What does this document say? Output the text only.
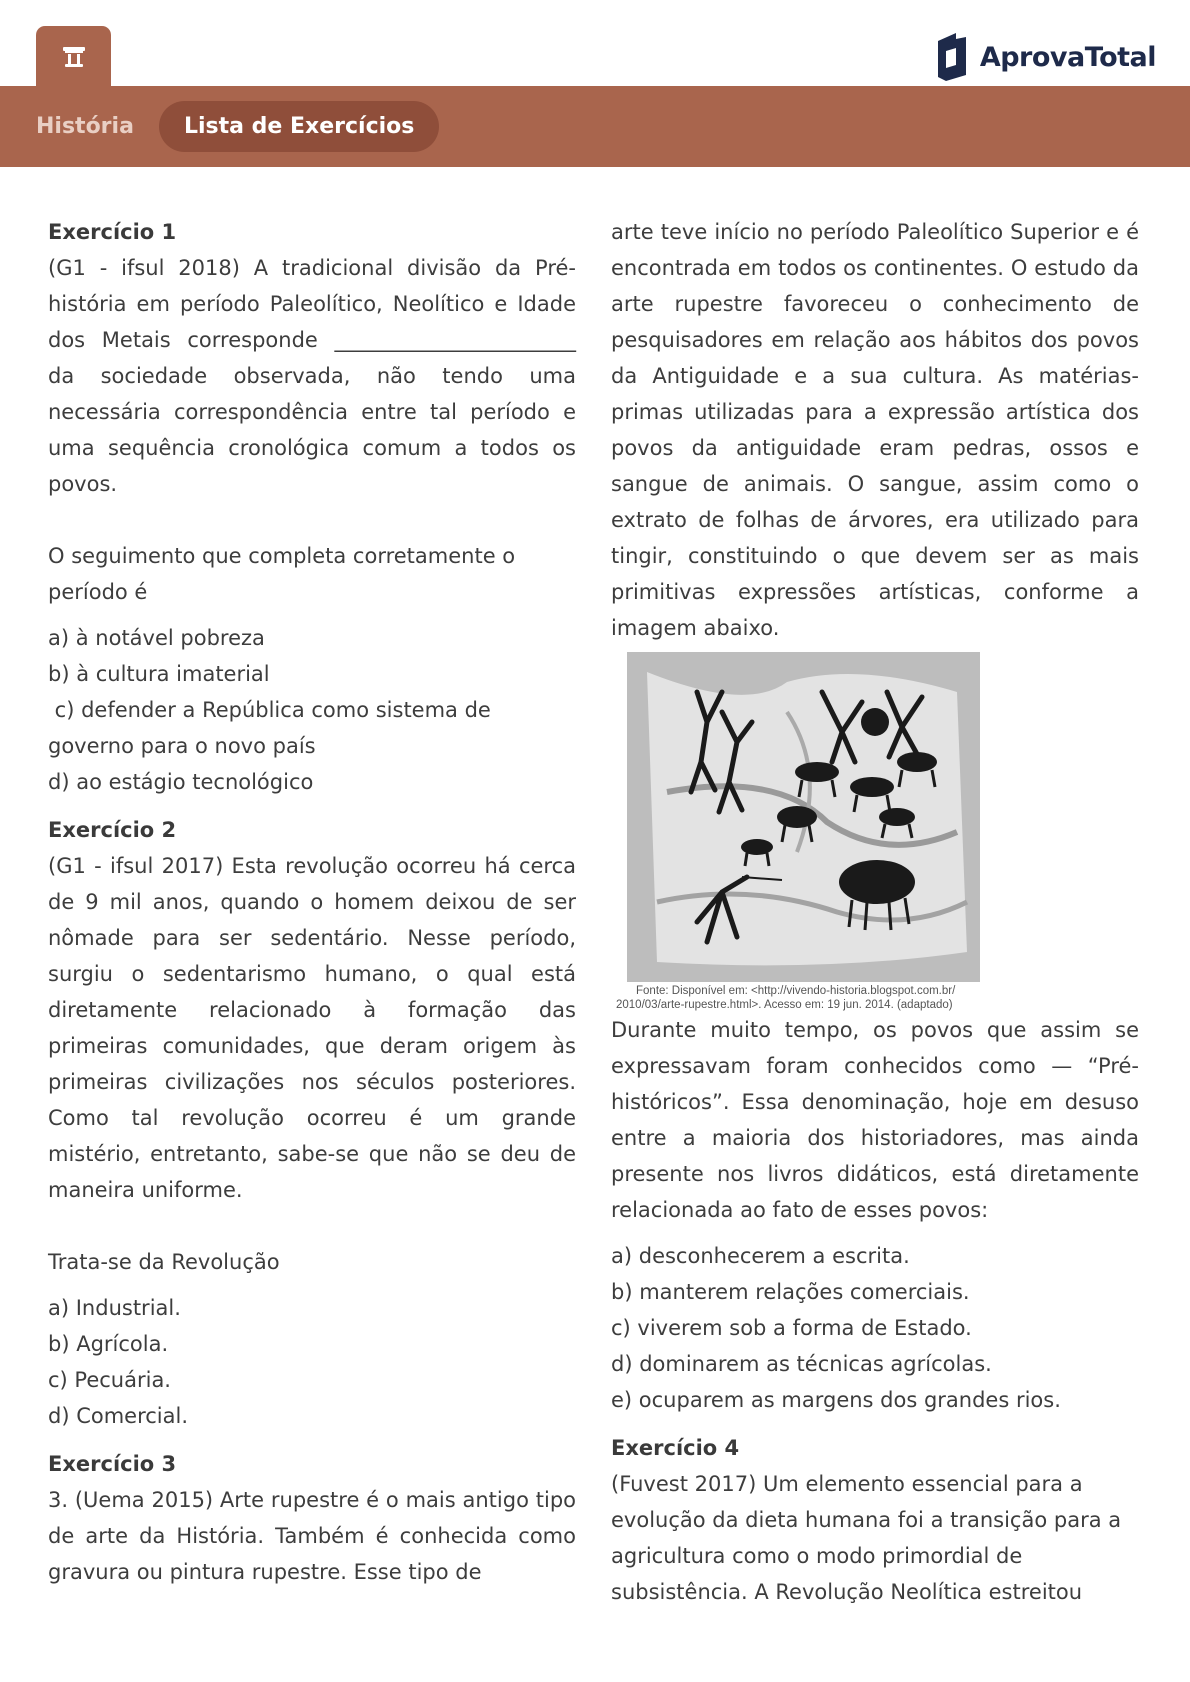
AprovaTotal
História	Lista de Exercícios
Exercício 1
(G1 - ifsul 2018) A tradicional divisão da Pré-história em período Paleolítico, Neolítico e Idade dos Metais corresponde _______________________ da sociedade observada, não tendo uma necessária correspondência entre tal período e uma sequência cronológica comum a todos os povos.
O seguimento que completa corretamente o período é
a) à notável pobreza
b) à cultura imaterial
c) defender a República como sistema de
governo para o novo país
d) ao estágio tecnológico
Exercício 2
(G1 - ifsul 2017) Esta revolução ocorreu há cerca de 9 mil anos, quando o homem deixou de ser nômade para ser sedentário. Nesse período, surgiu o sedentarismo humano, o qual está diretamente relacionado à formação das primeiras comunidades, que deram origem às primeiras civilizações nos séculos posteriores. Como tal revolução ocorreu é um grande mistério, entretanto, sabe-se que não se deu de maneira uniforme.
Trata-se da Revolução
a) Industrial.
b) Agrícola.
c) Pecuária.
d) Comercial.
Exercício 3
3. (Uema 2015) Arte rupestre é o mais antigo tipo de arte da História. Também é conhecida como gravura ou pintura rupestre. Esse tipo de
arte teve início no período Paleolítico Superior e é encontrada em todos os continentes. O estudo da arte rupestre favoreceu o conhecimento de pesquisadores em relação aos hábitos dos povos da Antiguidade e a sua cultura. As matérias-primas utilizadas para a expressão artística dos povos da antiguidade eram pedras, ossos e sangue de animais. O sangue, assim como o extrato de folhas de árvores, era utilizado para tingir, constituindo o que devem ser as mais primitivas expressões artísticas, conforme a imagem abaixo.
Fonte: Disponível em: <http://vivendo-historia.blogspot.com.br/
2010/03/arte-rupestre.html>. Acesso em: 19 jun. 2014. (adaptado)
Durante muito tempo, os povos que assim se expressavam foram conhecidos como — “Pré-históricos”. Essa denominação, hoje em desuso entre a maioria dos historiadores, mas ainda presente nos livros didáticos, está diretamente relacionada ao fato de esses povos:
a) desconhecerem a escrita.
b) manterem relações comerciais.
c) viverem sob a forma de Estado.
d) dominarem as técnicas agrícolas.
e) ocuparem as margens dos grandes rios.
Exercício 4
(Fuvest 2017) Um elemento essencial para a evolução da dieta humana foi a transição para a agricultura como o modo primordial de subsistência. A Revolução Neolítica estreitou
